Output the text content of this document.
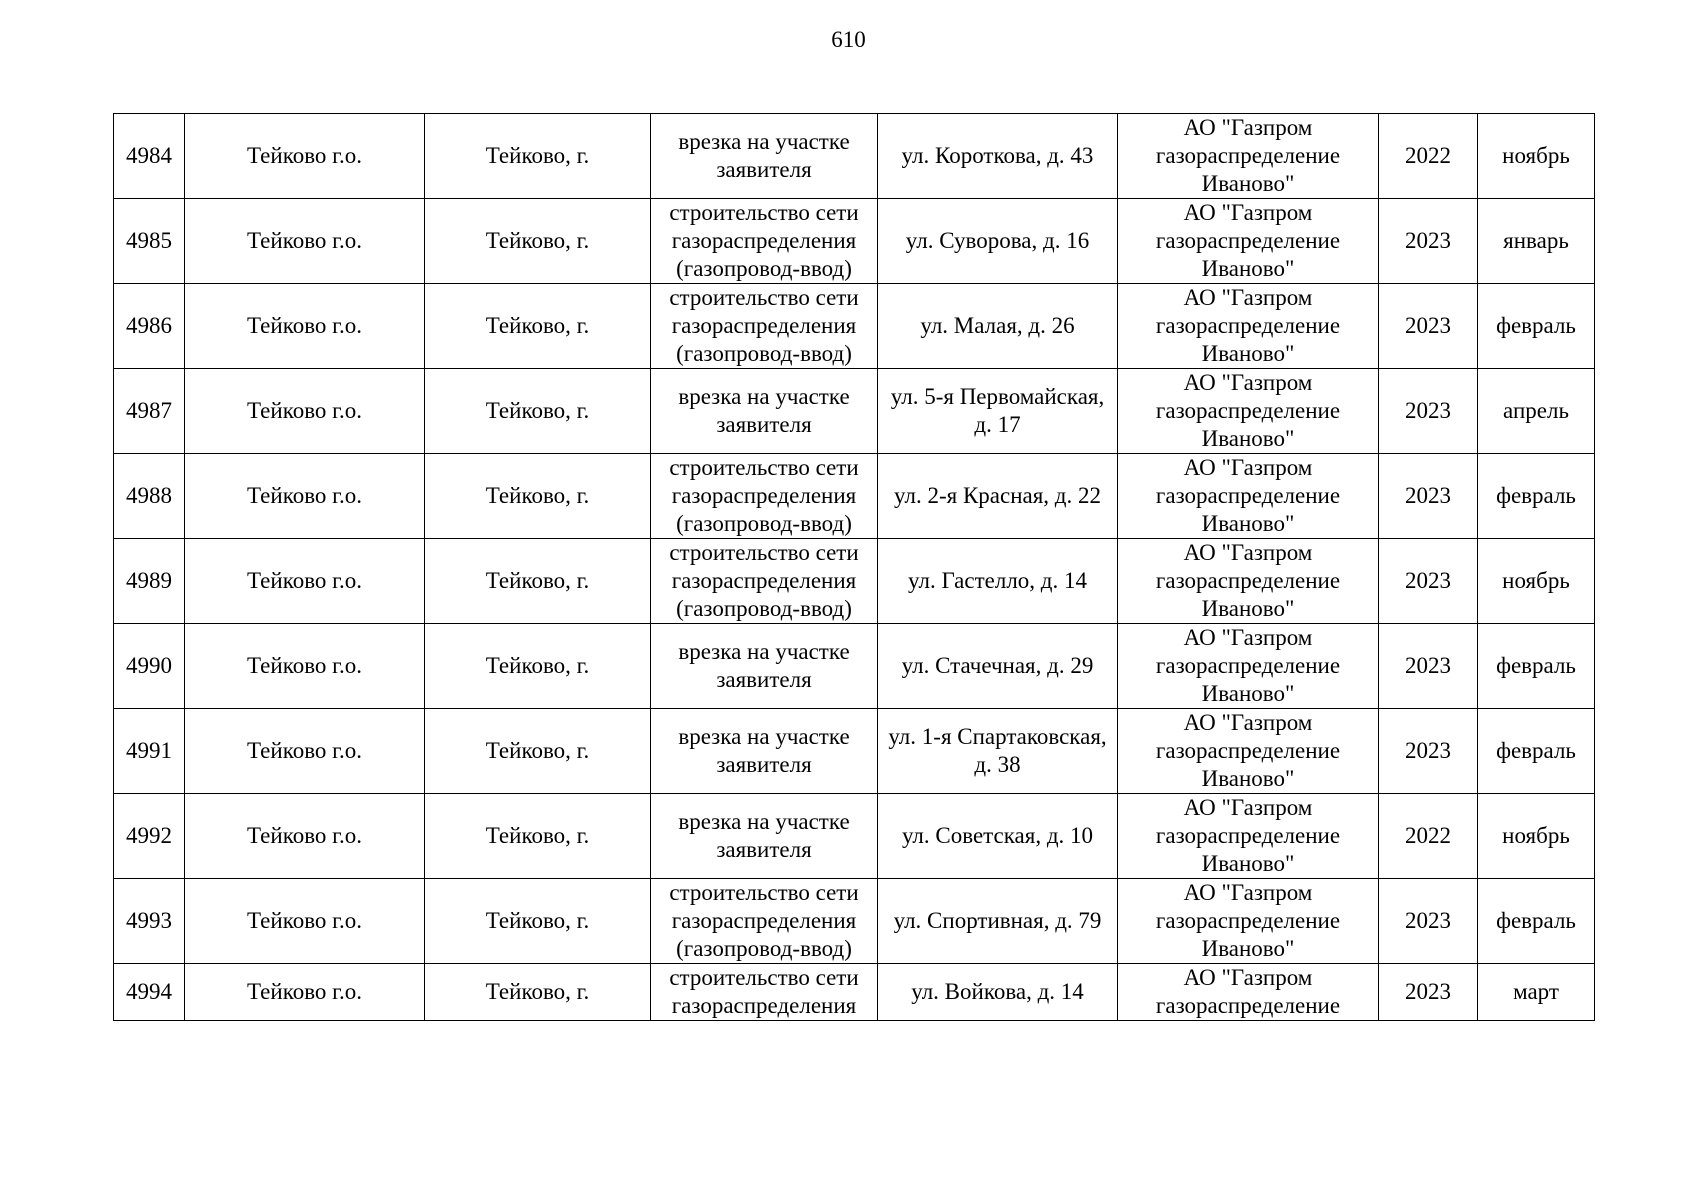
610
4984	Тейково г.о.	Тейково, г.	врезка на участке заявителя	ул. Короткова, д. 43	АО "Газпром газораспределение Иваново"	2022	ноябрь
4985	Тейково г.о.	Тейково, г.	строительство сети газораспределения (газопровод-ввод)	ул. Суворова, д. 16	АО "Газпром газораспределение Иваново"	2023	январь
4986	Тейково г.о.	Тейково, г.	строительство сети газораспределения (газопровод-ввод)	ул. Малая, д. 26	АО "Газпром газораспределение Иваново"	2023	февраль
4987	Тейково г.о.	Тейково, г.	врезка на участке заявителя	ул. 5-я Первомайская, д. 17	АО "Газпром газораспределение Иваново"	2023	апрель
4988	Тейково г.о.	Тейково, г.	строительство сети газораспределения (газопровод-ввод)	ул. 2-я Красная, д. 22	АО "Газпром газораспределение Иваново"	2023	февраль
4989	Тейково г.о.	Тейково, г.	строительство сети газораспределения (газопровод-ввод)	ул. Гастелло, д. 14	АО "Газпром газораспределение Иваново"	2023	ноябрь
4990	Тейково г.о.	Тейково, г.	врезка на участке заявителя	ул. Стачечная, д. 29	АО "Газпром газораспределение Иваново"	2023	февраль
4991	Тейково г.о.	Тейково, г.	врезка на участке заявителя	ул. 1-я Спартаковская, д. 38	АО "Газпром газораспределение Иваново"	2023	февраль
4992	Тейково г.о.	Тейково, г.	врезка на участке заявителя	ул. Советская, д. 10	АО "Газпром газораспределение Иваново"	2022	ноябрь
4993	Тейково г.о.	Тейково, г.	строительство сети газораспределения (газопровод-ввод)	ул. Спортивная, д. 79	АО "Газпром газораспределение Иваново"	2023	февраль

4994	Тейково г.о.	Тейково, г.	строительство сети газораспределения	ул. Войкова, д. 14	АО "Газпром газораспределение	2023	март
